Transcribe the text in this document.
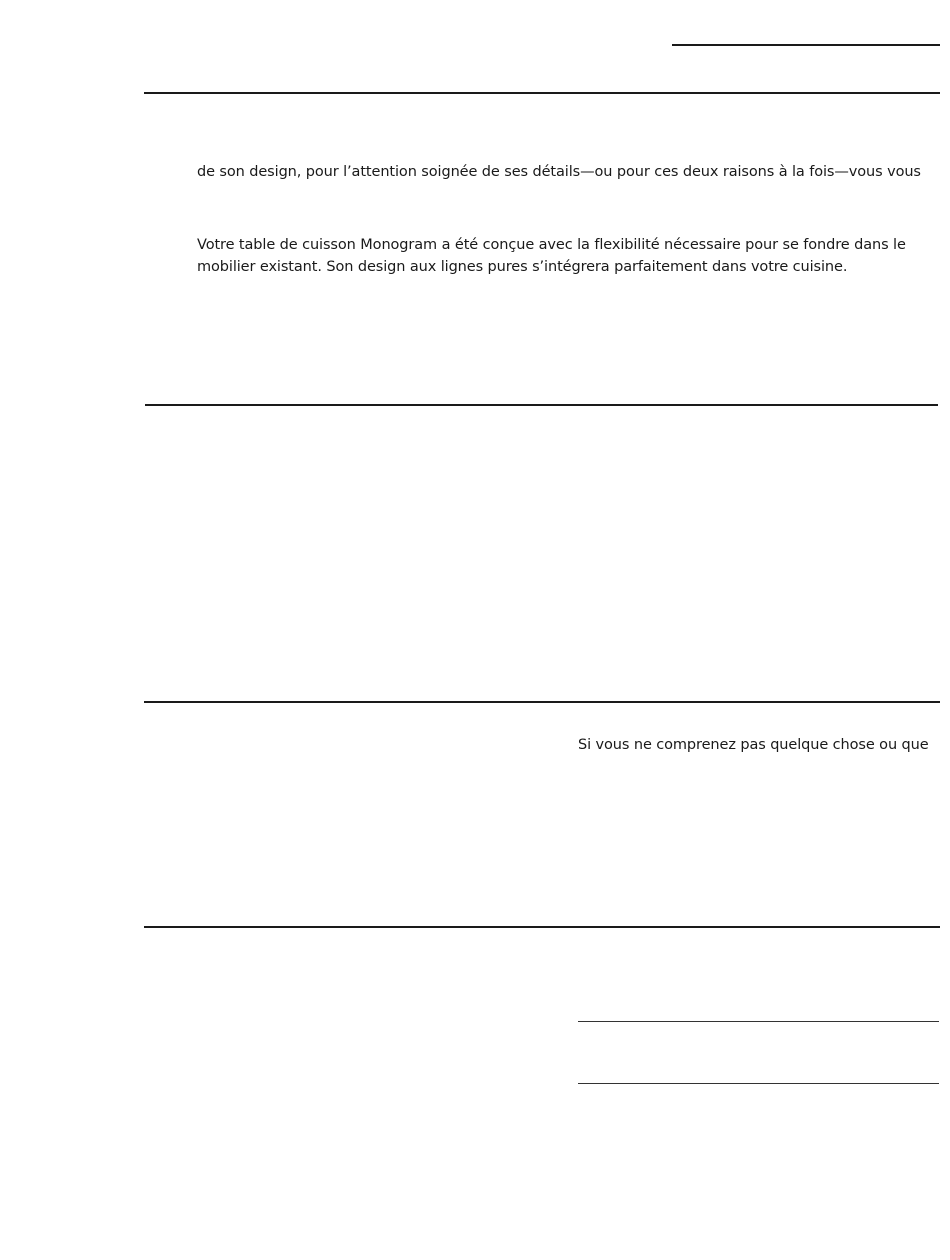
de son design, pour l’attention soignée de ses détails—ou pour ces deux raisons à la fois—vous vous
Votre table de cuisson Monogram a été conçue avec la flexibilité nécessaire pour se fondre dans le
mobilier existant. Son design aux lignes pures s’intégrera parfaitement dans votre cuisine.
Si vous ne comprenez pas quelque chose ou que
